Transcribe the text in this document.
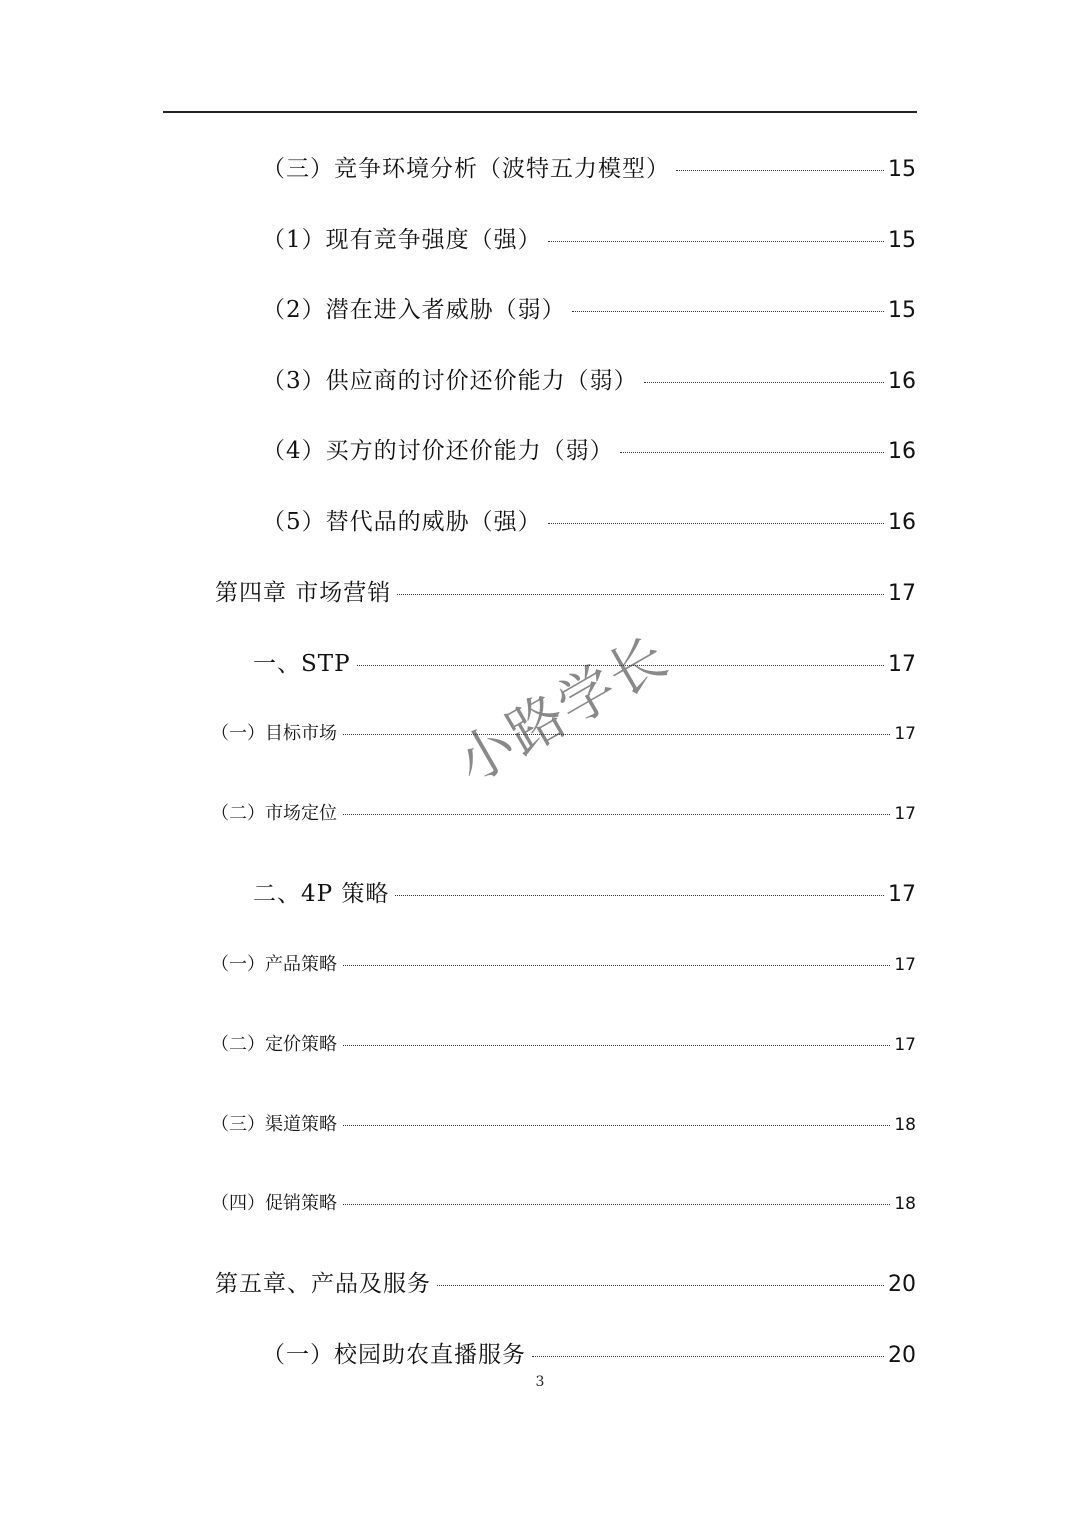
（三）竞争环境分析（波特五力模型）	15
（1）现有竞争强度（强）	15
（2）潜在进入者威胁（弱）	15
（3）供应商的讨价还价能力（弱）	16
（4）买方的讨价还价能力（弱）	16
（5）替代品的威胁（强）	16
第四章 市场营销	17
一、STP	17
（一）目标市场	17
（二）市场定位	17
二、4P 策略	17
（一）产品策略	17
（二）定价策略	17
（三）渠道策略	18
（四）促销策略	18
第五章、产品及服务	20
（一）校园助农直播服务	20
3
小路学长
